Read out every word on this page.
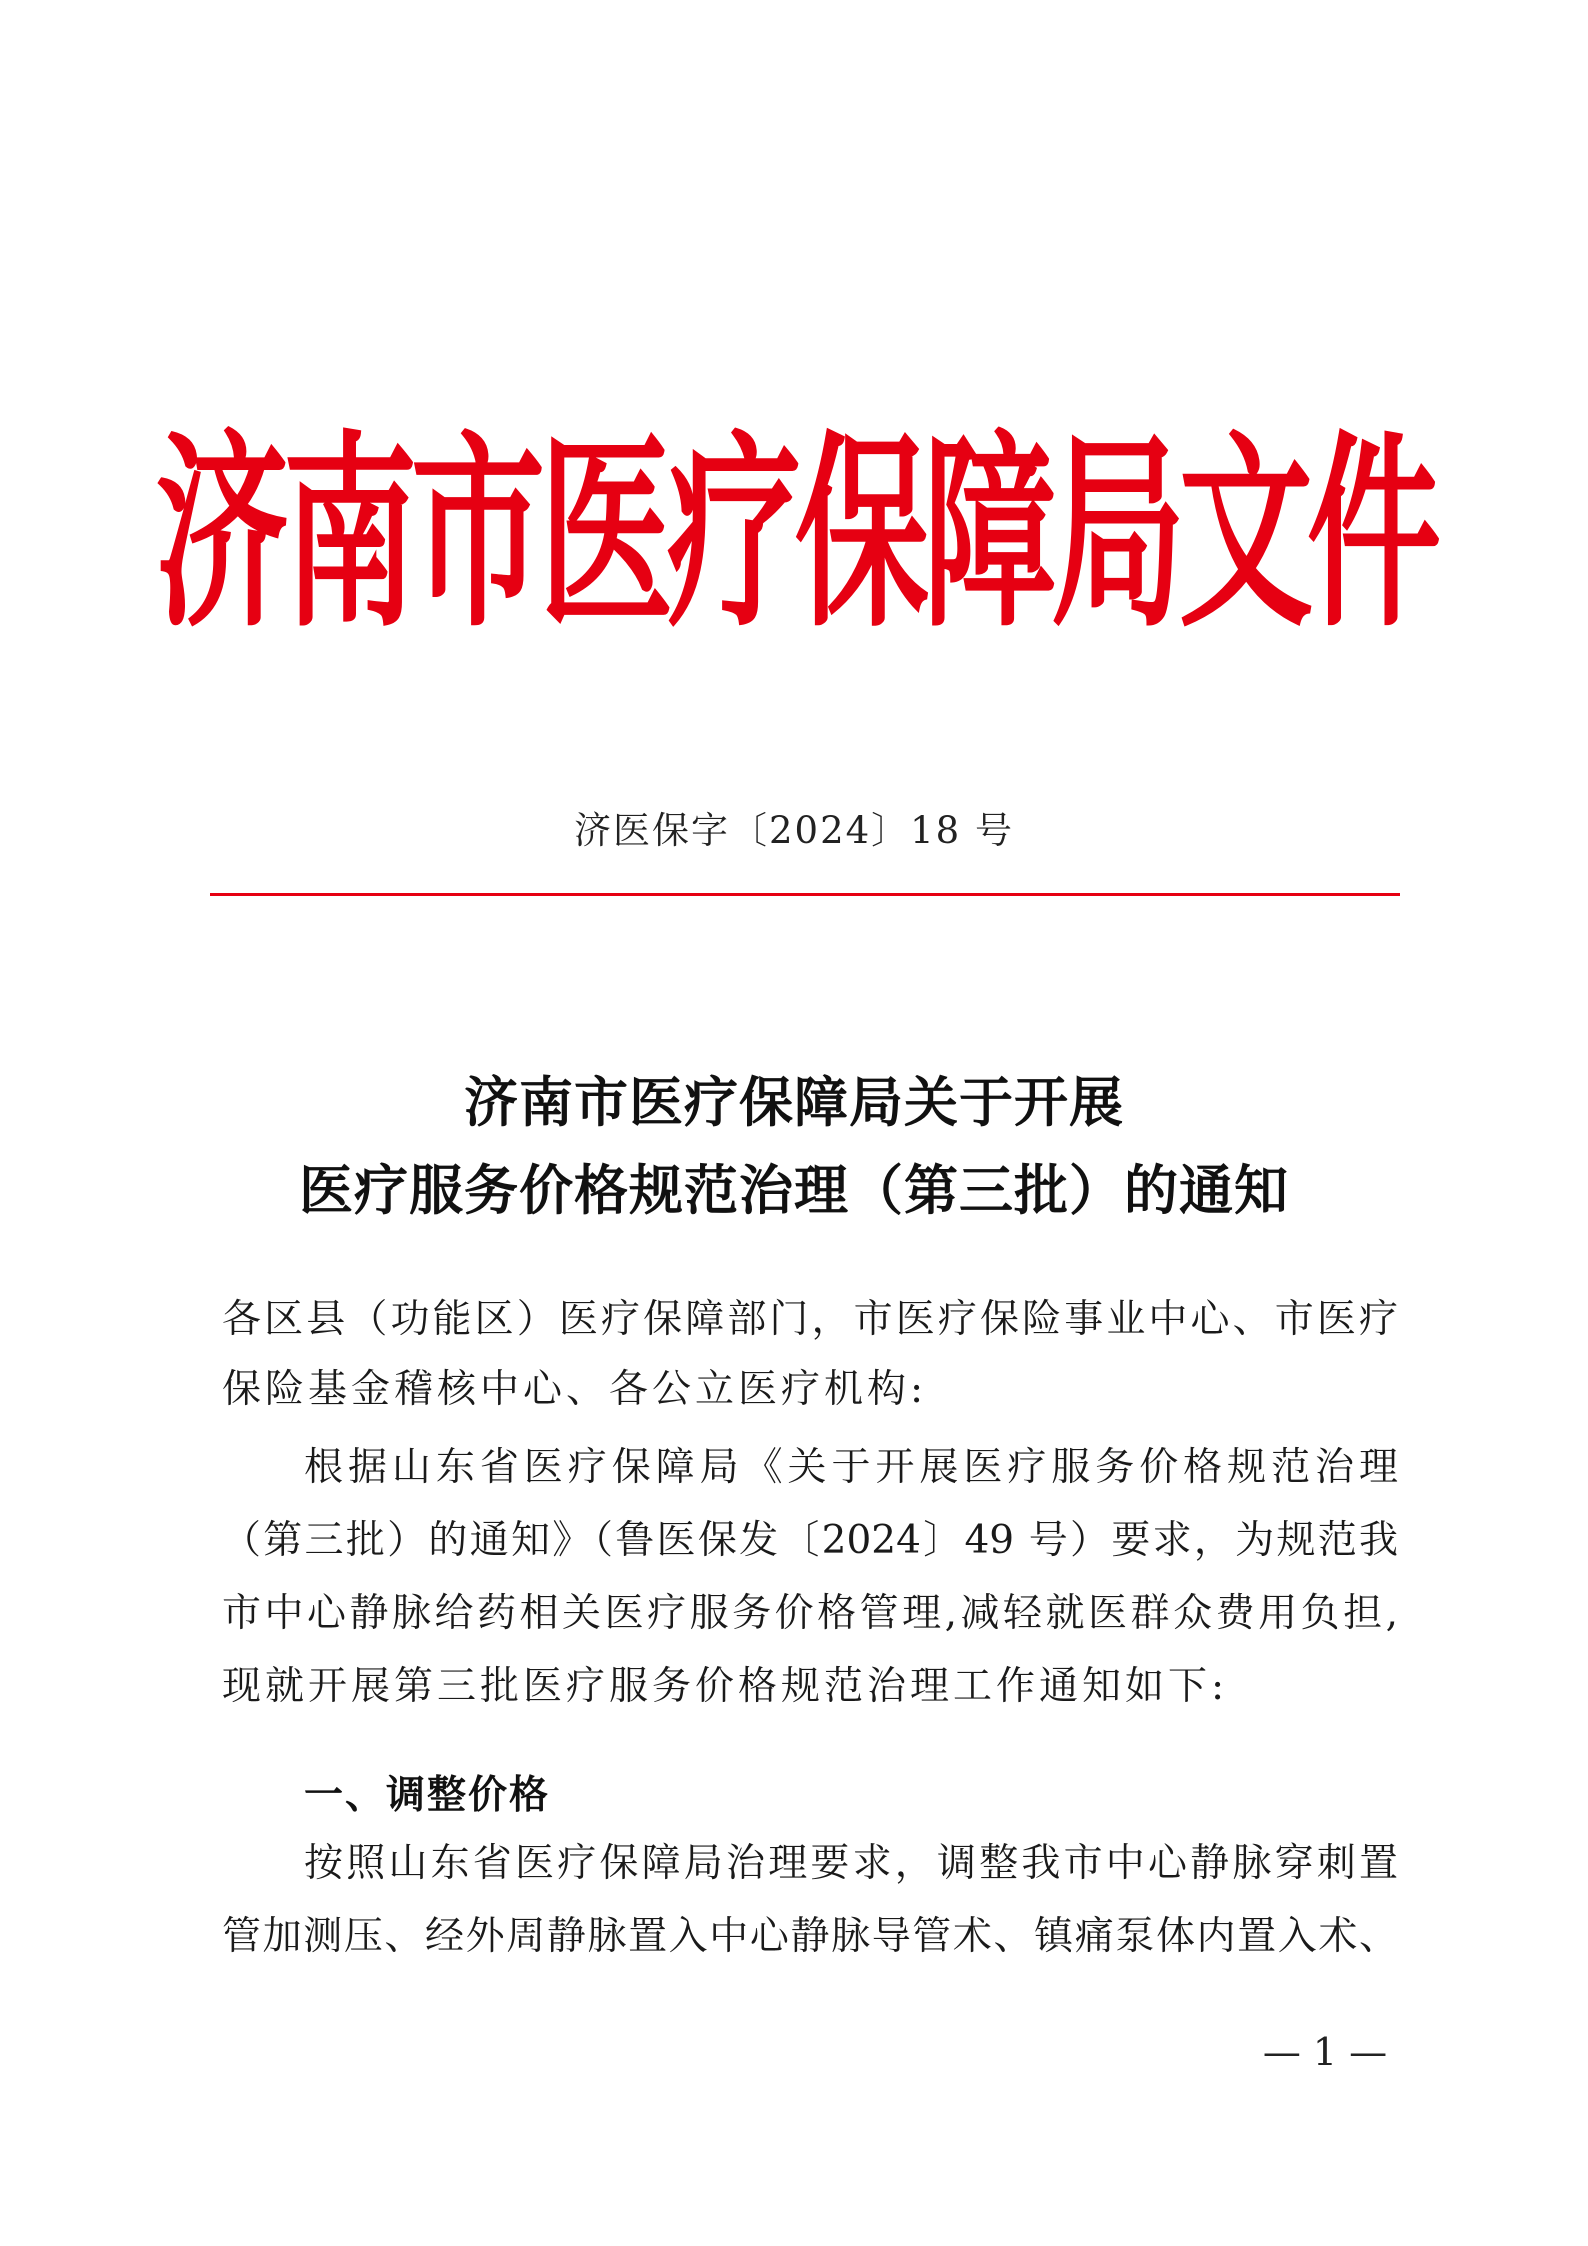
济南市医疗保障局文件
济医保字〔2024〕18 号
济南市医疗保障局关于开展
医疗服务价格规范治理（第三批）的通知
各区县（功能区）医疗保障部门，市医疗保险事业中心、市医疗
保险基金稽核中心、各公立医疗机构:
根据山东省医疗保障局《关于开展医疗服务价格规范治理
（第三批）的通知》（鲁医保发〔2024〕49 号）要求，为规范我
市中心静脉给药相关医疗服务价格管理,减轻就医群众费用负担,
现就开展第三批医疗服务价格规范治理工作通知如下:
一、调整价格
按照山东省医疗保障局治理要求，调整我市中心静脉穿刺置
管加测压、经外周静脉置入中心静脉导管术、镇痛泵体内置入术、
— 1 —
